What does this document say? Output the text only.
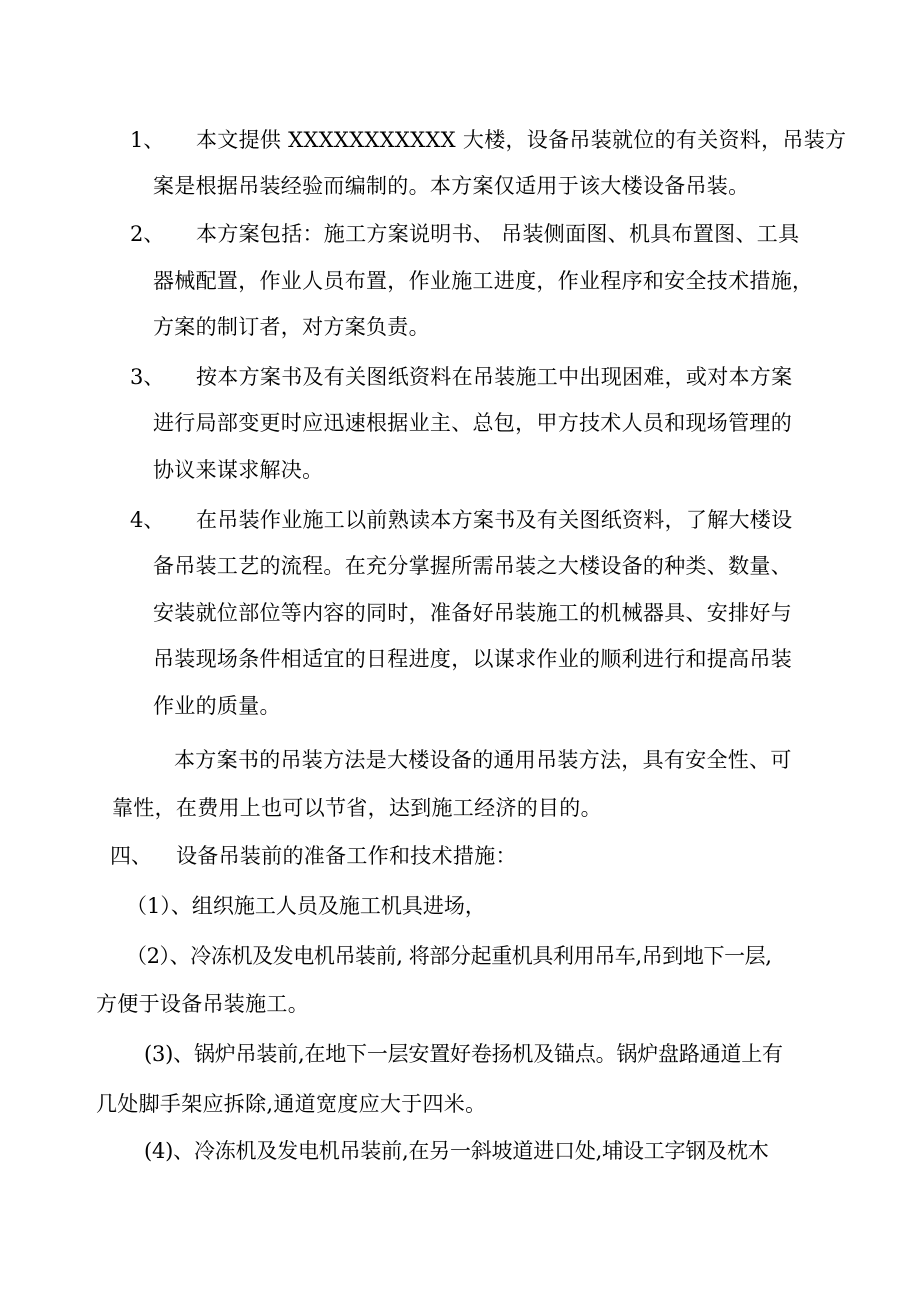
1、 本文提供 XXXXXXXXXXX 大楼，设备吊装就位的有关资料，吊装方
案是根据吊装经验而编制的。本方案仅适用于该大楼设备吊装。
2、 本方案包括：施工方案说明书、 吊装侧面图、机具布置图、工具
器械配置，作业人员布置，作业施工进度，作业程序和安全技术措施，
方案的制订者，对方案负责。
3、 按本方案书及有关图纸资料在吊装施工中出现困难，或对本方案
进行局部变更时应迅速根据业主、总包，甲方技术人员和现场管理的
协议来谋求解决。
4、 在吊装作业施工以前熟读本方案书及有关图纸资料，了解大楼设
备吊装工艺的流程。在充分掌握所需吊装之大楼设备的种类、数量、
安装就位部位等内容的同时，准备好吊装施工的机械器具、安排好与
吊装现场条件相适宜的日程进度，以谋求作业的顺利进行和提高吊装
作业的质量。
本方案书的吊装方法是大楼设备的通用吊装方法，具有安全性、可
靠性，在费用上也可以节省，达到施工经济的目的。
四、 设备吊装前的准备工作和技术措施：
（1）、组织施工人员及施工机具进场，
（2）、冷冻机及发电机吊装前, 将部分起重机具利用吊车,吊到地下一层,
方便于设备吊装施工。
(3)、锅炉吊装前,在地下一层安置好卷扬机及锚点。锅炉盘路通道上有
几处脚手架应拆除,通道宽度应大于四米。
(4)、冷冻机及发电机吊装前,在另一斜坡道进口处,埔设工字钢及枕木
